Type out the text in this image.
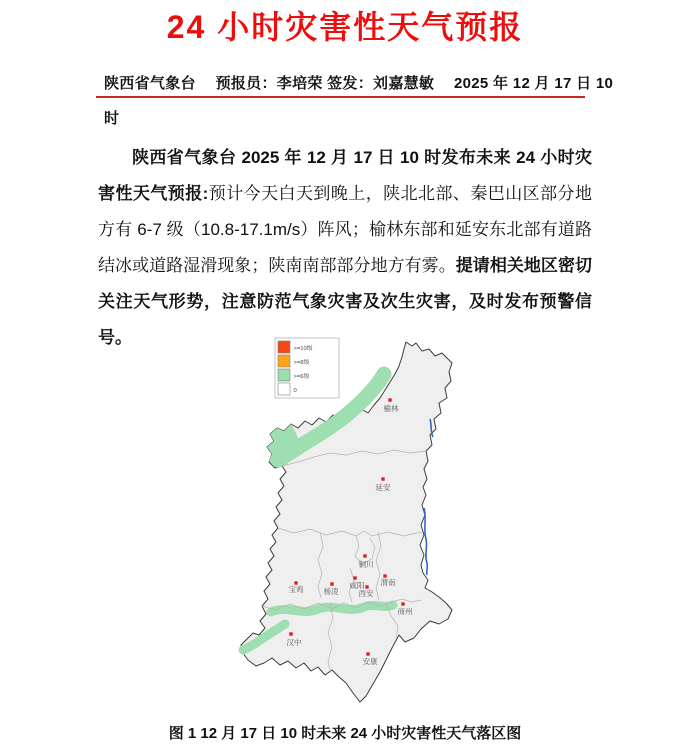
24 小时灾害性天气预报
陕西省气象台　 预报员：李培荣 签发：刘嘉慧敏　 2025 年 12 月 17 日 10
时

陕西省气象台 2025 年 12 月 17 日 10 时发布未来 24 小时灾害性天气预报:预计今天白天到晚上，陕北北部、秦巴山区部分地方有 6-7 级（10.8-17.1m/s）阵风；榆林东部和延安东北部有道路结冰或道路湿滑现象；陕南南部部分地方有雾。提请相关地区密切关注天气形势，注意防范气象灾害及次生灾害，及时发布预警信号。

榆林
延安
铜川
渭南
咸阳
西安
杨凌
宝鸡
商州
汉中
安康
>=10级
>=8级
>=6级
0
图 1 12 月 17 日 10 时未来 24 小时灾害性天气落区图
